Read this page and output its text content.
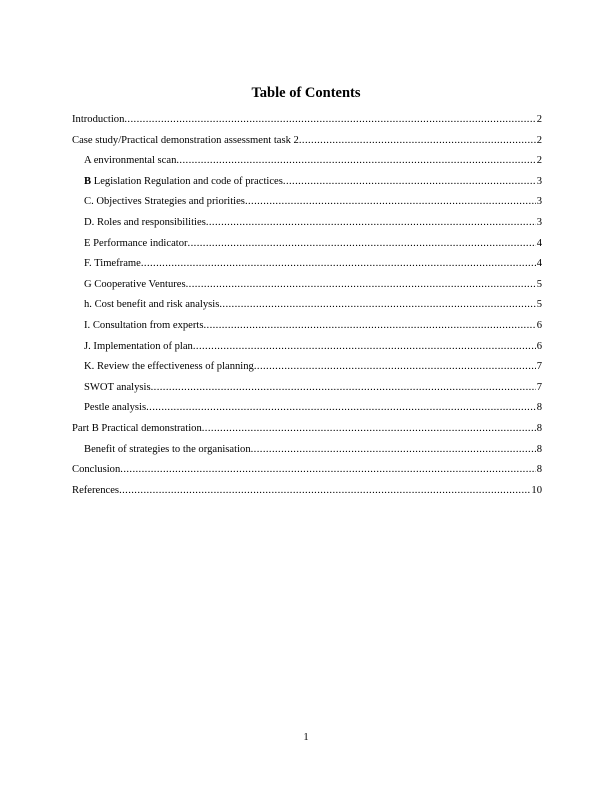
Table of Contents
Introduction .....	2
Case study/Practical demonstration assessment task 2 .....	2
A environmental scan .....	2
B Legislation Regulation and code of practices .....	3
C. Objectives Strategies and priorities .....	3
D. Roles and responsibilities .....	3
E Performance indicator .....	4
F. Timeframe .....	4
G Cooperative Ventures .....	5
h. Cost benefit and risk analysis .....	5
I. Consultation from experts .....	6
J. Implementation of plan .....	6
K. Review the effectiveness of planning .....	7
SWOT analysis .....	7
Pestle analysis .....	8
Part B Practical demonstration .....	8
Benefit of strategies to the organisation .....	8
Conclusion .....	8
References .....	10
1
